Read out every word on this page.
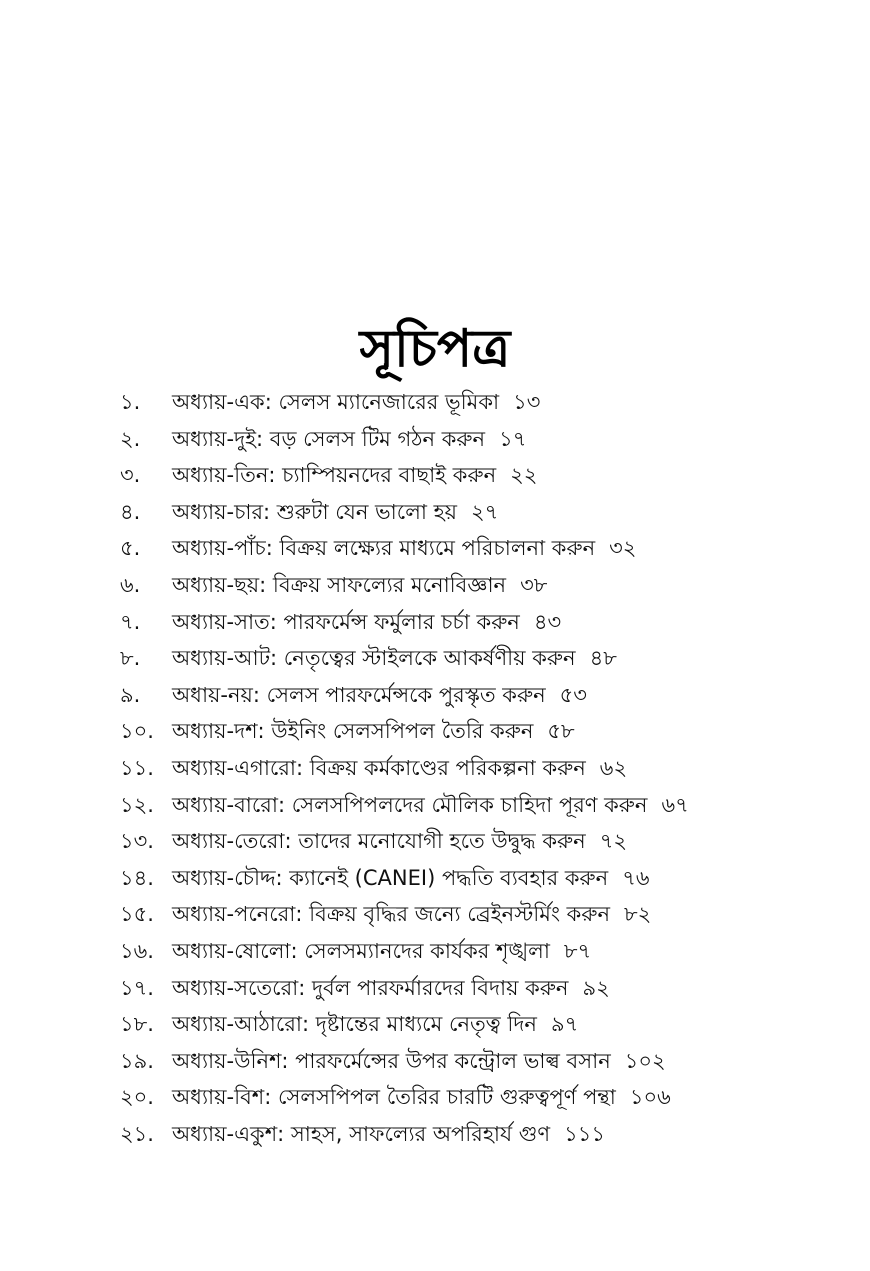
সূচিপত্র
১.	অধ্যায়-এক: সেলস ম্যানেজারের ভূমিকা ১৩
২.	অধ্যায়-দুই: বড় সেলস টিম গঠন করুন ১৭
৩.	অধ্যায়-তিন: চ্যাম্পিয়নদের বাছাই করুন ২২
৪.	অধ্যায়-চার: শুরুটা যেন ভালো হয় ২৭
৫.	অধ্যায়-পাঁচ: বিক্রয় লক্ষ্যের মাধ্যমে পরিচালনা করুন ৩২
৬.	অধ্যায়-ছয়: বিক্রয় সাফল্যের মনোবিজ্ঞান ৩৮
৭.	অধ্যায়-সাত: পারফর্মেন্স ফর্মুলার চর্চা করুন ৪৩
৮.	অধ্যায়-আট: নেতৃত্বের স্টাইলকে আকর্ষণীয় করুন ৪৮
৯.	অধায়-নয়: সেলস পারফর্মেন্সকে পুরস্কৃত করুন ৫৩
১০. অধ্যায়-দশ: উইনিং সেলসপিপল তৈরি করুন ৫৮
১১. অধ্যায়-এগারো: বিক্রয় কর্মকাণ্ডের পরিকল্পনা করুন ৬২
১২. অধ্যায়-বারো: সেলসপিপলদের মৌলিক চাহিদা পূরণ করুন ৬৭
১৩. অধ্যায়-তেরো: তাদের মনোযোগী হতে উদ্বুদ্ধ করুন ৭২
১৪. অধ্যায়-চৌদ্দ: ক্যানেই (CANEI) পদ্ধতি ব্যবহার করুন ৭৬
১৫. অধ্যায়-পনেরো: বিক্রয় বৃদ্ধির জন্যে ব্রেইনস্টর্মিং করুন ৮২
১৬. অধ্যায়-ষোলো: সেলসম্যানদের কার্যকর শৃঙ্খলা ৮৭
১৭. অধ্যায়-সতেরো: দুর্বল পারফর্মারদের বিদায় করুন ৯২
১৮. অধ্যায়-আঠারো: দৃষ্টান্তের মাধ্যমে নেতৃত্ব দিন ৯৭
১৯. অধ্যায়-উনিশ: পারফর্মেন্সের উপর কন্ট্রোল ভাল্ব বসান ১০২
২০. অধ্যায়-বিশ: সেলসপিপল তৈরির চারটি গুরুত্বপূর্ণ পন্থা ১০৬
২১. অধ্যায়-একুশ: সাহস, সাফল্যের অপরিহার্য গুণ ১১১
